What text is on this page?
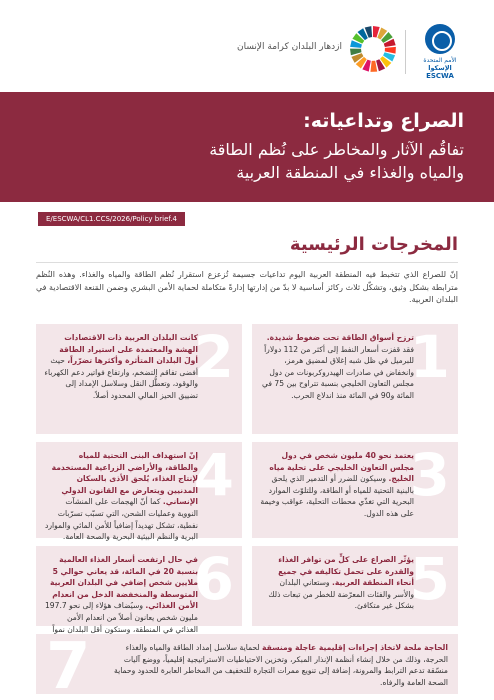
ازدهار البلدان كرامة الإنسان
الأمم المتحدة
الإسكوا
ESCWA
الصراع وتداعياته:
تفاقُم الآثار والمخاطر على نُظم الطاقة
والمياه والغذاء في المنطقة العربية
E/ESCWA/CL1.CCS/2026/Policy brief.4
المخرجات الرئيسية
إنّ للصراع الذي تتخبط فيه المنطقة العربية اليوم تداعيات جسيمة تُزعزع استقرار نُظم الطاقة والمياه والغذاء. وهذه النُظم مترابطة بشكل وثيق، وتشكّل ثلاث ركائز أساسية لا بدّ من إدارتها إدارةً متكاملة لحماية الأمن البشري وضمن المَنعة الاقتصادية في البلدان العربية.
1
ترزح أسواق الطاقة تحت ضغوط شديدة. فقد قفزت أسعار النفط إلى أكثر من 112 دولاراً للبرميل في ظل شبه إغلاق لمضيق هرمز، وانخفاض في صادرات الهيدروكربونات من دول مجلس التعاون الخليجي بنسبة تتراوح بين 75 في المائة و90 في المائة منذ اندلاع الحرب.
2
كانت البلدان العربية ذات الاقتصادات الهشة والمعتمدة على استيراد الطاقة أولَ البلدان المتأثرة وأكثرها تضرّراً، حيث أفضى تفاقم التضخم، وارتفاع فواتير دعم الكهرباء والوقود، وتعطُّل النقل وسلاسل الإمداد إلى تضييق الحيز المالي المحدود أصلاً.
3
يعتمد نحو 40 مليون شخص في دول مجلس التعاون الخليجي على تحلية مياه الخليج. وسيكون للضرر أو التدمير الذي يلحق بالبنية التحتية للمياه أو الطاقة، وللتلوّث الموارد البحرية التي تغذّي محطات التحلية، عواقب وخيمة على هذه الدول.
4
إنّ استهداف البنى التحتية للمياه والطاقة، والأراضي الزراعية المستخدمة لإنتاج الغذاء، يُلحق الأذى بالسكان المدنيين ويتعارض مع القانون الدولي الإنساني. كما أنّ الهجمات على المنشآت النووية وعمليات الشحن، التي تسبّب تسرّبات نفطية، تشكل تهديداً إضافياً للأمن المائي والموارد البرية والنظم البيئية البحرية والصحة العامة.
5
يؤثّر الصراع على كلٍّ من توافر الغذاء والقدرة على تحمل تكاليفه في جميع أنحاء المنطقة العربية. وستعاني البلدان والأسر والفئات المعرّضة للخطر من تبعات ذلك بشكل غير متكافئ.
6
في حال ارتفعت أسعار الغذاء العالمية بنسبة 20 في المائة، قد يعاني حوالي 5 ملايين شخص إضافي في البلدان العربية المتوسطة والمنخفضة الدخل من انعدام الأمن الغذائي. وسيُضاف هؤلاء إلى نحو 197.7 مليون شخص يعانون أصلاً من انعدام الأمن الغذائي في المنطقة، وستكون أقل البلدان نمواً
7	الحاجة ملحة لاتخاذ إجراءات إقليمية عاجلة ومنسقة لحماية سلاسل إمداد الطاقة والمياه والغذاء الحرجة، وذلك من خلال إنشاء أنظمة الإنذار المبكر، وتخزين الاحتياطيات الاستراتيجية إقليمياً، ووضع آليات منسّقة تدعم الترابط والمرونة، إضافة إلى تنويع ممرات التجارة للتخفيف من المخاطر العابرة للحدود وحماية الصحة العامة والرفاه.
